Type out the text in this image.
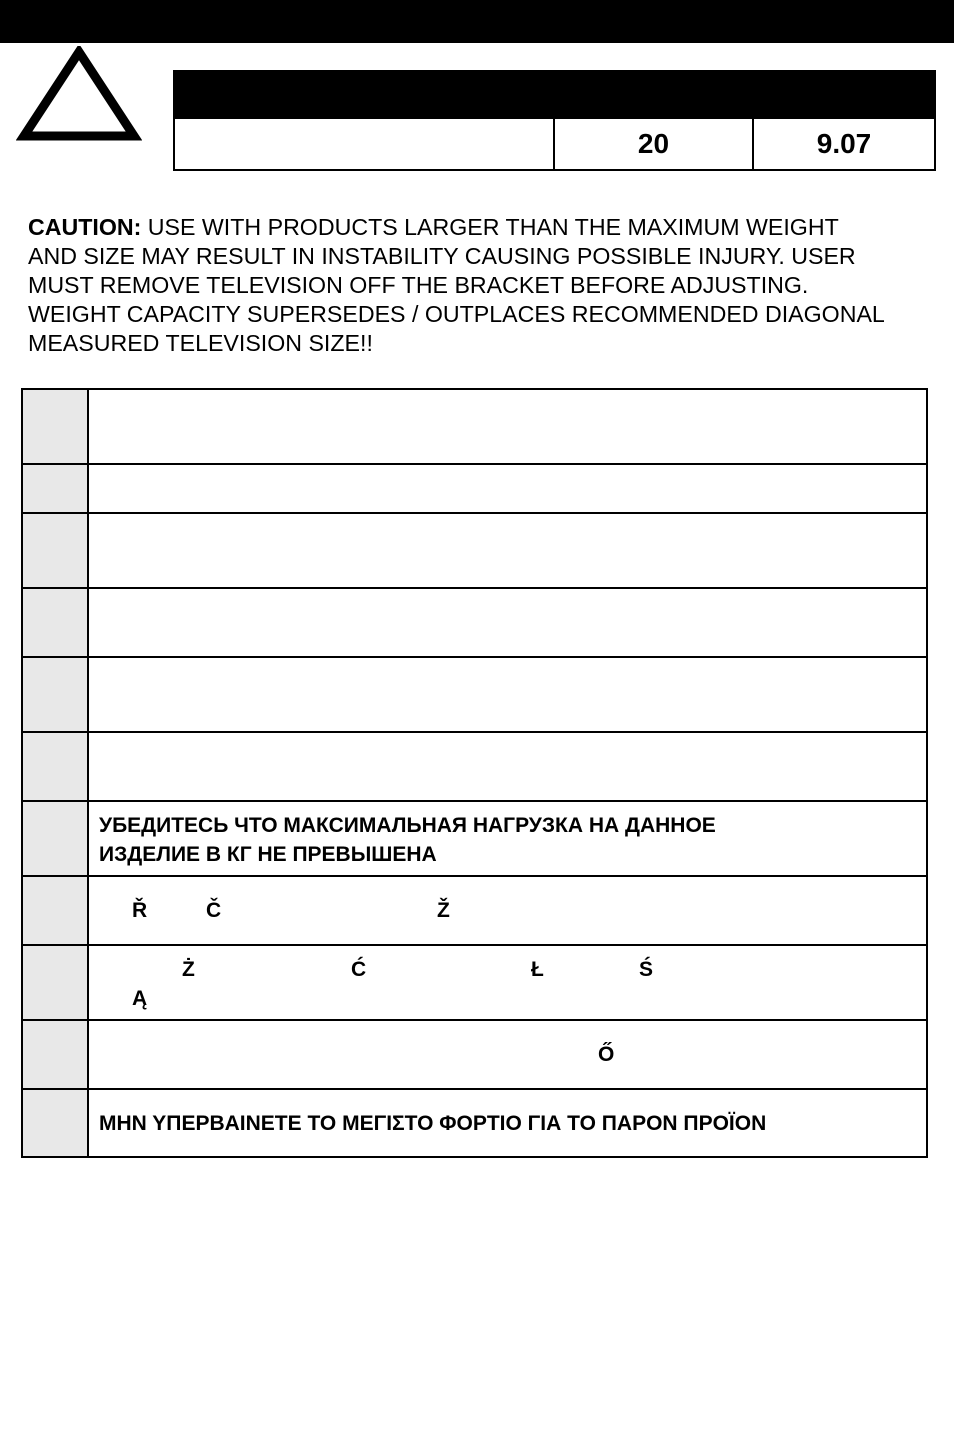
20	9.07
CAUTION: USE WITH PRODUCTS LARGER THAN THE MAXIMUM WEIGHT
AND SIZE MAY RESULT IN INSTABILITY CAUSING POSSIBLE INJURY. USER
MUST REMOVE TELEVISION OFF THE BRACKET BEFORE ADJUSTING.
WEIGHT CAPACITY SUPERSEDES / OUTPLACES RECOMMENDED DIAGONAL
MEASURED TELEVISION SIZE!!
УБЕДИТЕСЬ ЧТО МАКСИМАЛЬНАЯ НАГРУЗКА НА ДАННОЕ
ИЗДЕЛИЕ В КГ НЕ ПРЕВЫШЕНА
Ř	Č	Ž
Ż	Ć	Ł	Ś
Ą
Ő
ΜΗΝ ΥΠΕΡΒΑΙΝΕΤΕ ΤΟ ΜΕΓΙΣΤΟ ΦΟΡΤΙΟ ΓΙΑ ΤΟ ΠΑΡΟΝ ΠΡΟΪΟΝ
